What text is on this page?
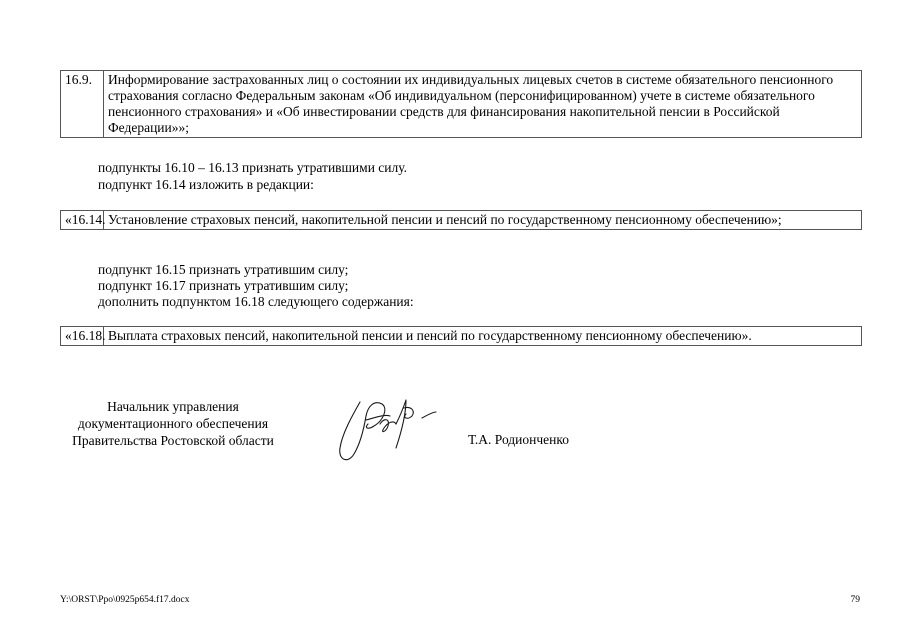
16.9.	Информирование застрахованных лиц о состоянии их индивидуальных лицевых счетов в системе обязательного пенсионного страхования согласно Федеральным законам «Об индивидуальном (персонифицированном) учете в системе обязательного пенсионного страхования» и «Об инвестировании средств для финансирования накопительной пенсии в Российской Федерации»»;
подпункты 16.10 – 16.13 признать утратившими силу.
подпункт 16.14 изложить в редакции:
«16.14.	Установление страховых пенсий, накопительной пенсии и пенсий по государственному пенсионному обеспечению»;
подпункт 16.15 признать утратившим силу;
подпункт 16.17 признать утратившим силу;
дополнить подпунктом 16.18 следующего содержания:
«16.18.	Выплата страховых пенсий, накопительной пенсии и пенсий по государственному пенсионному обеспечению».
Начальник управления
документационного обеспечения
Правительства Ростовской области	Т.А. Родионченко
Y:\ORST\Ppo\0925p654.f17.docx	79
